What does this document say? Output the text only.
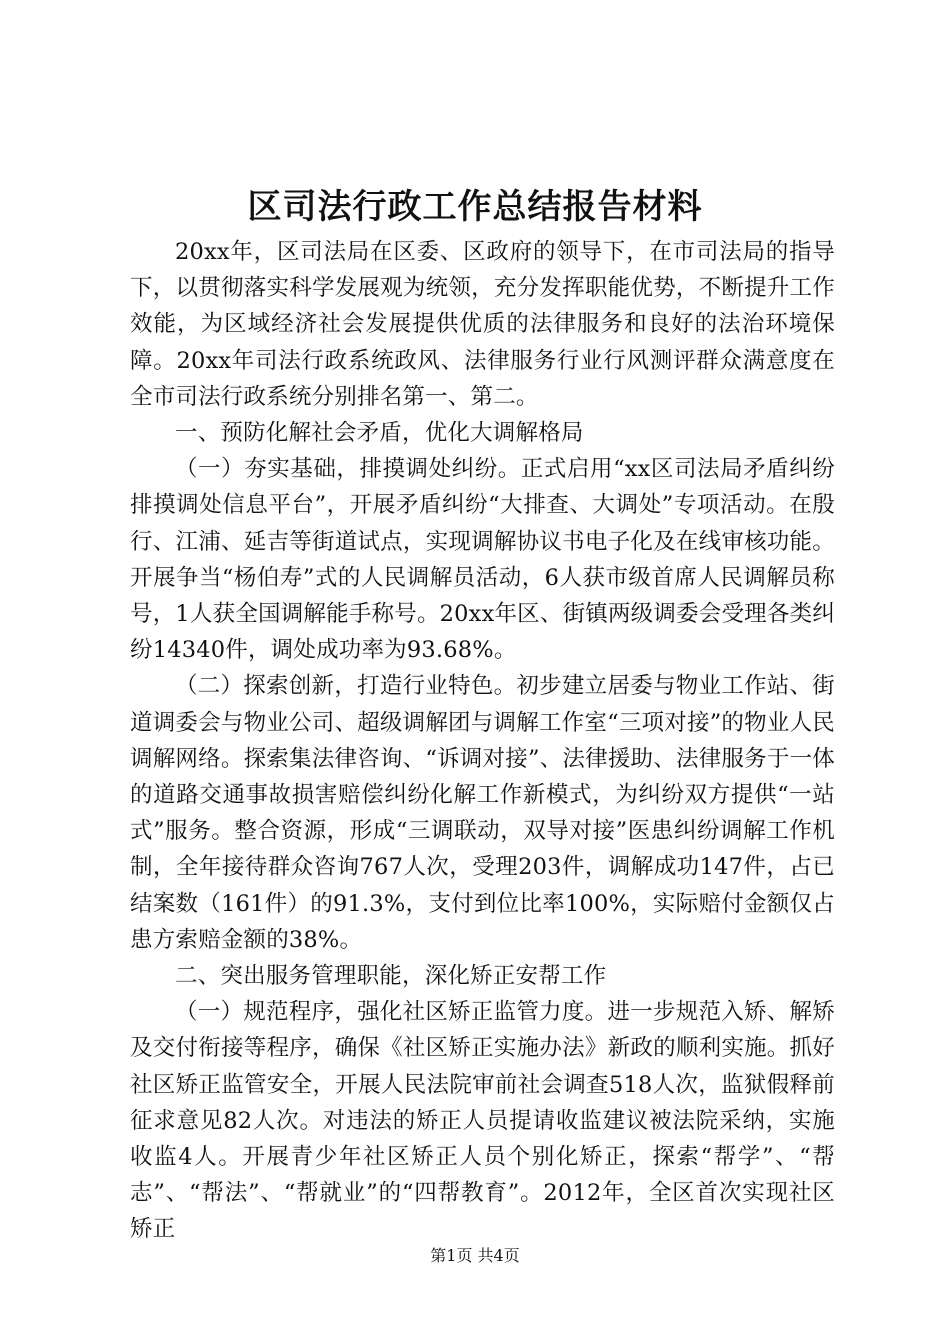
区司法行政工作总结报告材料

20xx年，区司法局在区委、区政府的领导下，在市司法局的指导下，以贯彻落实科学发展观为统领，充分发挥职能优势，不断提升工作效能，为区域经济社会发展提供优质的法律服务和良好的法治环境保障。20xx年司法行政系统政风、法律服务行业行风测评群众满意度在全市司法行政系统分别排名第一、第二。

一、预防化解社会矛盾，优化大调解格局

（一）夯实基础，排摸调处纠纷。正式启用“xx区司法局矛盾纠纷排摸调处信息平台”，开展矛盾纠纷“大排查、大调处”专项活动。在殷行、江浦、延吉等街道试点，实现调解协议书电子化及在线审核功能。开展争当“杨伯寿”式的人民调解员活动，6人获市级首席人民调解员称号，1人获全国调解能手称号。20xx年区、街镇两级调委会受理各类纠纷14340件，调处成功率为93.68%。

（二）探索创新，打造行业特色。初步建立居委与物业工作站、街道调委会与物业公司、超级调解团与调解工作室“三项对接”的物业人民调解网络。探索集法律咨询、“诉调对接”、法律援助、法律服务于一体的道路交通事故损害赔偿纠纷化解工作新模式，为纠纷双方提供“一站式”服务。整合资源，形成“三调联动，双导对接”医患纠纷调解工作机制，全年接待群众咨询767人次，受理203件，调解成功147件，占已结案数（161件）的91.3%，支付到位比率100%，实际赔付金额仅占患方索赔金额的38%。

二、突出服务管理职能，深化矫正安帮工作

（一）规范程序，强化社区矫正监管力度。进一步规范入矫、解矫及交付衔接等程序，确保《社区矫正实施办法》新政的顺利实施。抓好社区矫正监管安全，开展人民法院审前社会调查518人次，监狱假释前征求意见82人次。对违法的矫正人员提请收监建议被法院采纳，实施收监4人。开展青少年社区矫正人员个别化矫正，探索“帮学”、“帮志”、“帮法”、“帮就业”的“四帮教育”。2012年，全区首次实现社区矫正

第1页 共4页
